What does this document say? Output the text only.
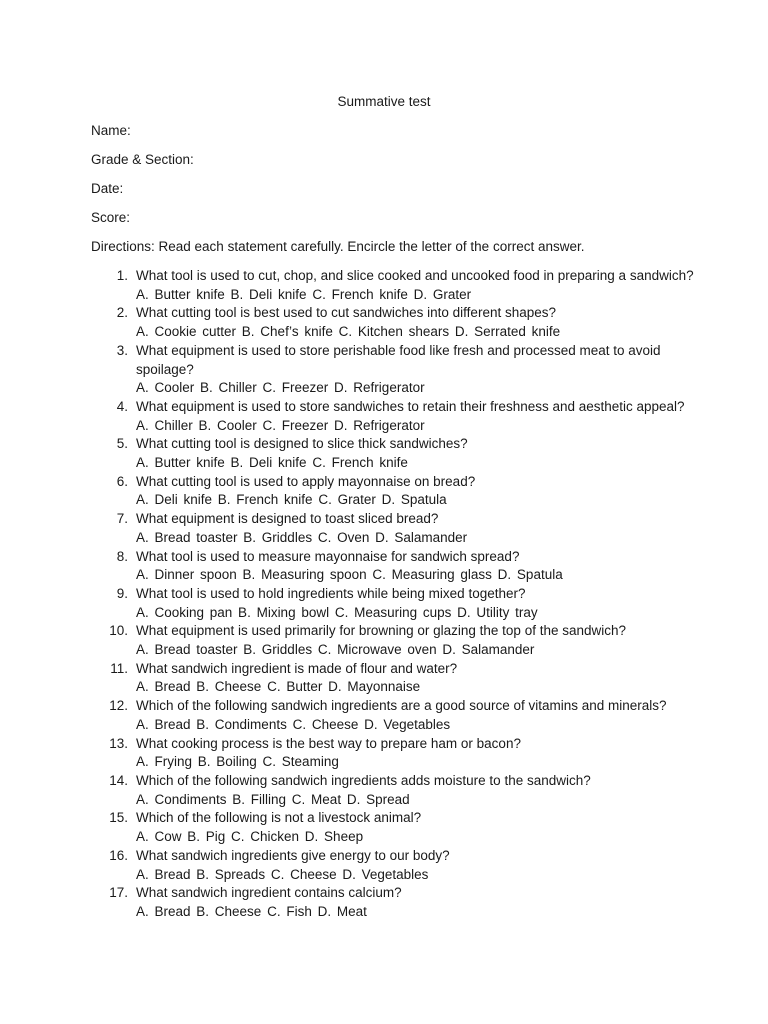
Summative test
Name:
Grade & Section:
Date:
Score:
Directions: Read each statement carefully. Encircle the letter of the correct answer.
1. What tool is used to cut, chop, and slice cooked and uncooked food in preparing a sandwich?
A. Butter knife B. Deli knife C. French knife D. Grater
2. What cutting tool is best used to cut sandwiches into different shapes?
A. Cookie cutter B. Chef’s knife C. Kitchen shears D. Serrated knife
3. What equipment is used to store perishable food like fresh and processed meat to avoid spoilage?
A. Cooler B. Chiller C. Freezer D. Refrigerator
4. What equipment is used to store sandwiches to retain their freshness and aesthetic appeal?
A. Chiller B. Cooler C. Freezer D. Refrigerator
5. What cutting tool is designed to slice thick sandwiches?
A. Butter knife B. Deli knife C. French knife
6. What cutting tool is used to apply mayonnaise on bread?
A. Deli knife B. French knife C. Grater D. Spatula
7. What equipment is designed to toast sliced bread?
A. Bread toaster B. Griddles C. Oven D. Salamander
8. What tool is used to measure mayonnaise for sandwich spread?
A. Dinner spoon B. Measuring spoon C. Measuring glass D. Spatula
9. What tool is used to hold ingredients while being mixed together?
A. Cooking pan B. Mixing bowl C. Measuring cups D. Utility tray
10. What equipment is used primarily for browning or glazing the top of the sandwich?
A. Bread toaster B. Griddles C. Microwave oven D. Salamander
11. What sandwich ingredient is made of flour and water?
A. Bread B. Cheese C. Butter D. Mayonnaise
12. Which of the following sandwich ingredients are a good source of vitamins and minerals?
A. Bread B. Condiments C. Cheese D. Vegetables
13. What cooking process is the best way to prepare ham or bacon?
A. Frying B. Boiling C. Steaming
14. Which of the following sandwich ingredients adds moisture to the sandwich?
A. Condiments B. Filling C. Meat D. Spread
15. Which of the following is not a livestock animal?
A. Cow B. Pig C. Chicken D. Sheep
16. What sandwich ingredients give energy to our body?
A. Bread B. Spreads C. Cheese D. Vegetables
17. What sandwich ingredient contains calcium?
A. Bread B. Cheese C. Fish D. Meat
